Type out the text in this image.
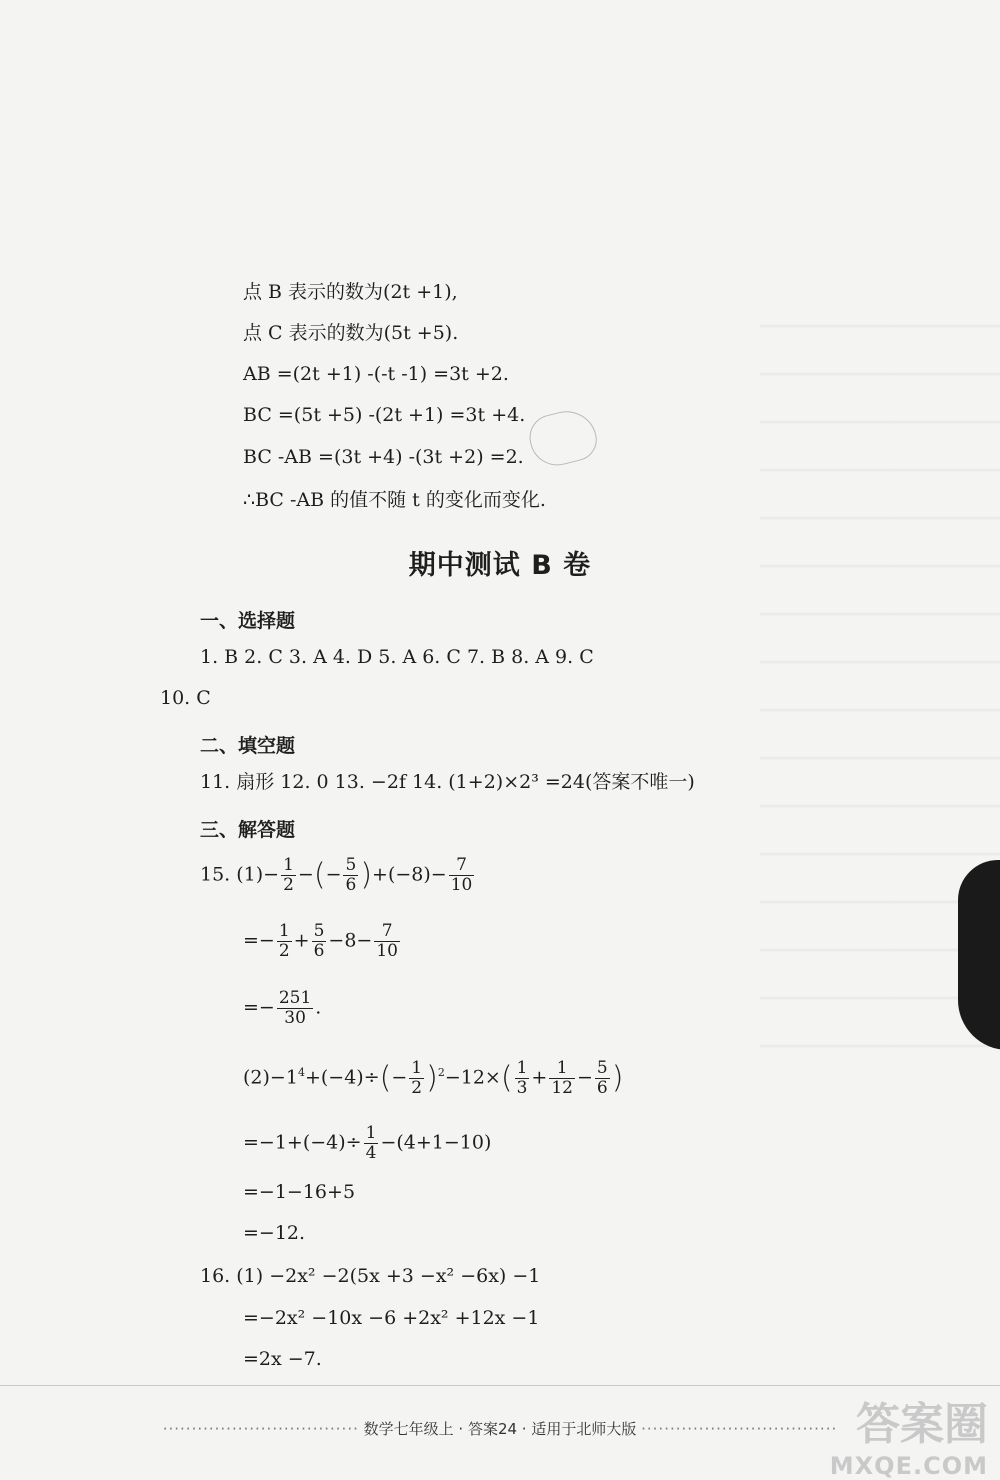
点 B 表示的数为(2t +1),
点 C 表示的数为(5t +5).
AB =(2t +1) -(-t -1) =3t +2.
BC =(5t +5) -(2t +1) =3t +4.
BC -AB =(3t +4) -(3t +2) =2.
∴BC -AB 的值不随 t 的变化而变化.
期中测试 B 卷
一、选择题
1. B 2. C 3. A 4. D 5. A 6. C 7. B 8. A 9. C
10. C
二、填空题
11. 扇形 12. 0 13. −2f 14. (1+2)×2³ =24(答案不唯一)
三、解答题
15. $(1)- \frac{1}{2}$ −(− $\frac{5}{6} )+(-8)- \frac{7}{10}$
=− $\frac{1}{2} + \frac{5}{6} -8- \frac{7}{10}$
=− $\frac{251}{30}$ .
$(2)-1^4+(-4)\div(- \frac{1}{2} )^2-12\times( \frac{1}{3} + \frac{1}{12} - \frac{5}{6}$ )
$=-1+(-4)\div \frac{1}{4} -(4+1-10)$
=−1−16+5
=−12.
16. (1) −2x² −2(5x +3 −x² −6x) −1
=−2x² −10x −6 +2x² +12x −1
=2x −7.
·································· 数学七年级上 · 答案24 · 适用于北师大版 ·································· 答案圈
MXQE.COM
